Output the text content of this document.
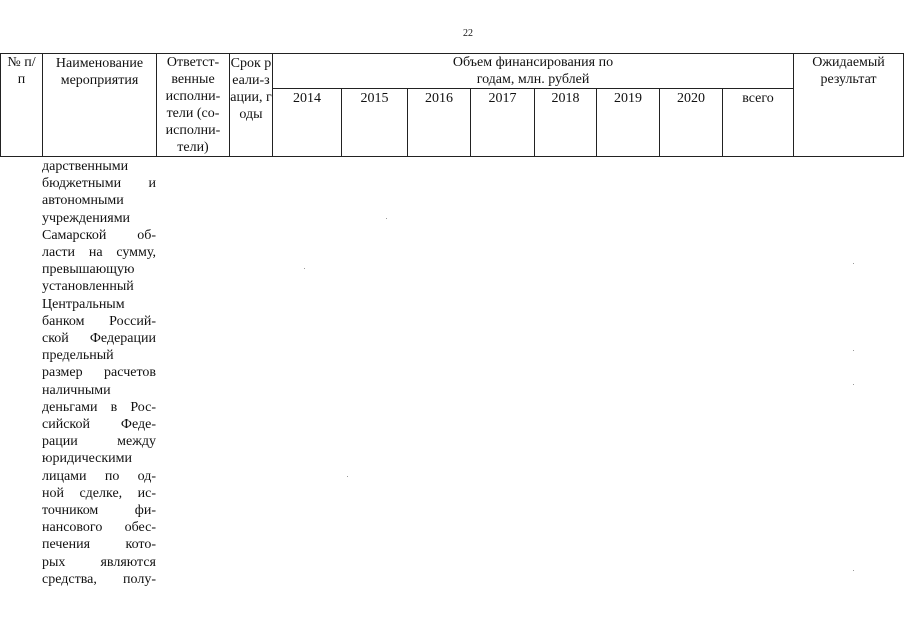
22
№ п/п	Наименование мероприятия	Ответст-венные исполни-тели (со-исполни-тели)	Срок реали-зации, годы	Объем финансирования по годам, млн. рублей								Ожидаемый результат

				2014	2015	2016	2017	2018	2019	2020	всего	
дарственными
бюджетными и
автономными
учреждениями
Самарской об-
ласти на сумму,
превышающую
установленный
Центральным
банком Россий-
ской Федерации
предельный
размер расчетов
наличными
деньгами в Рос-
сийской Феде-
рации между
юридическими
лицами по од-
ной сделке, ис-
точником фи-
нансового обес-
печения кото-
рых являются
средства, полу-
